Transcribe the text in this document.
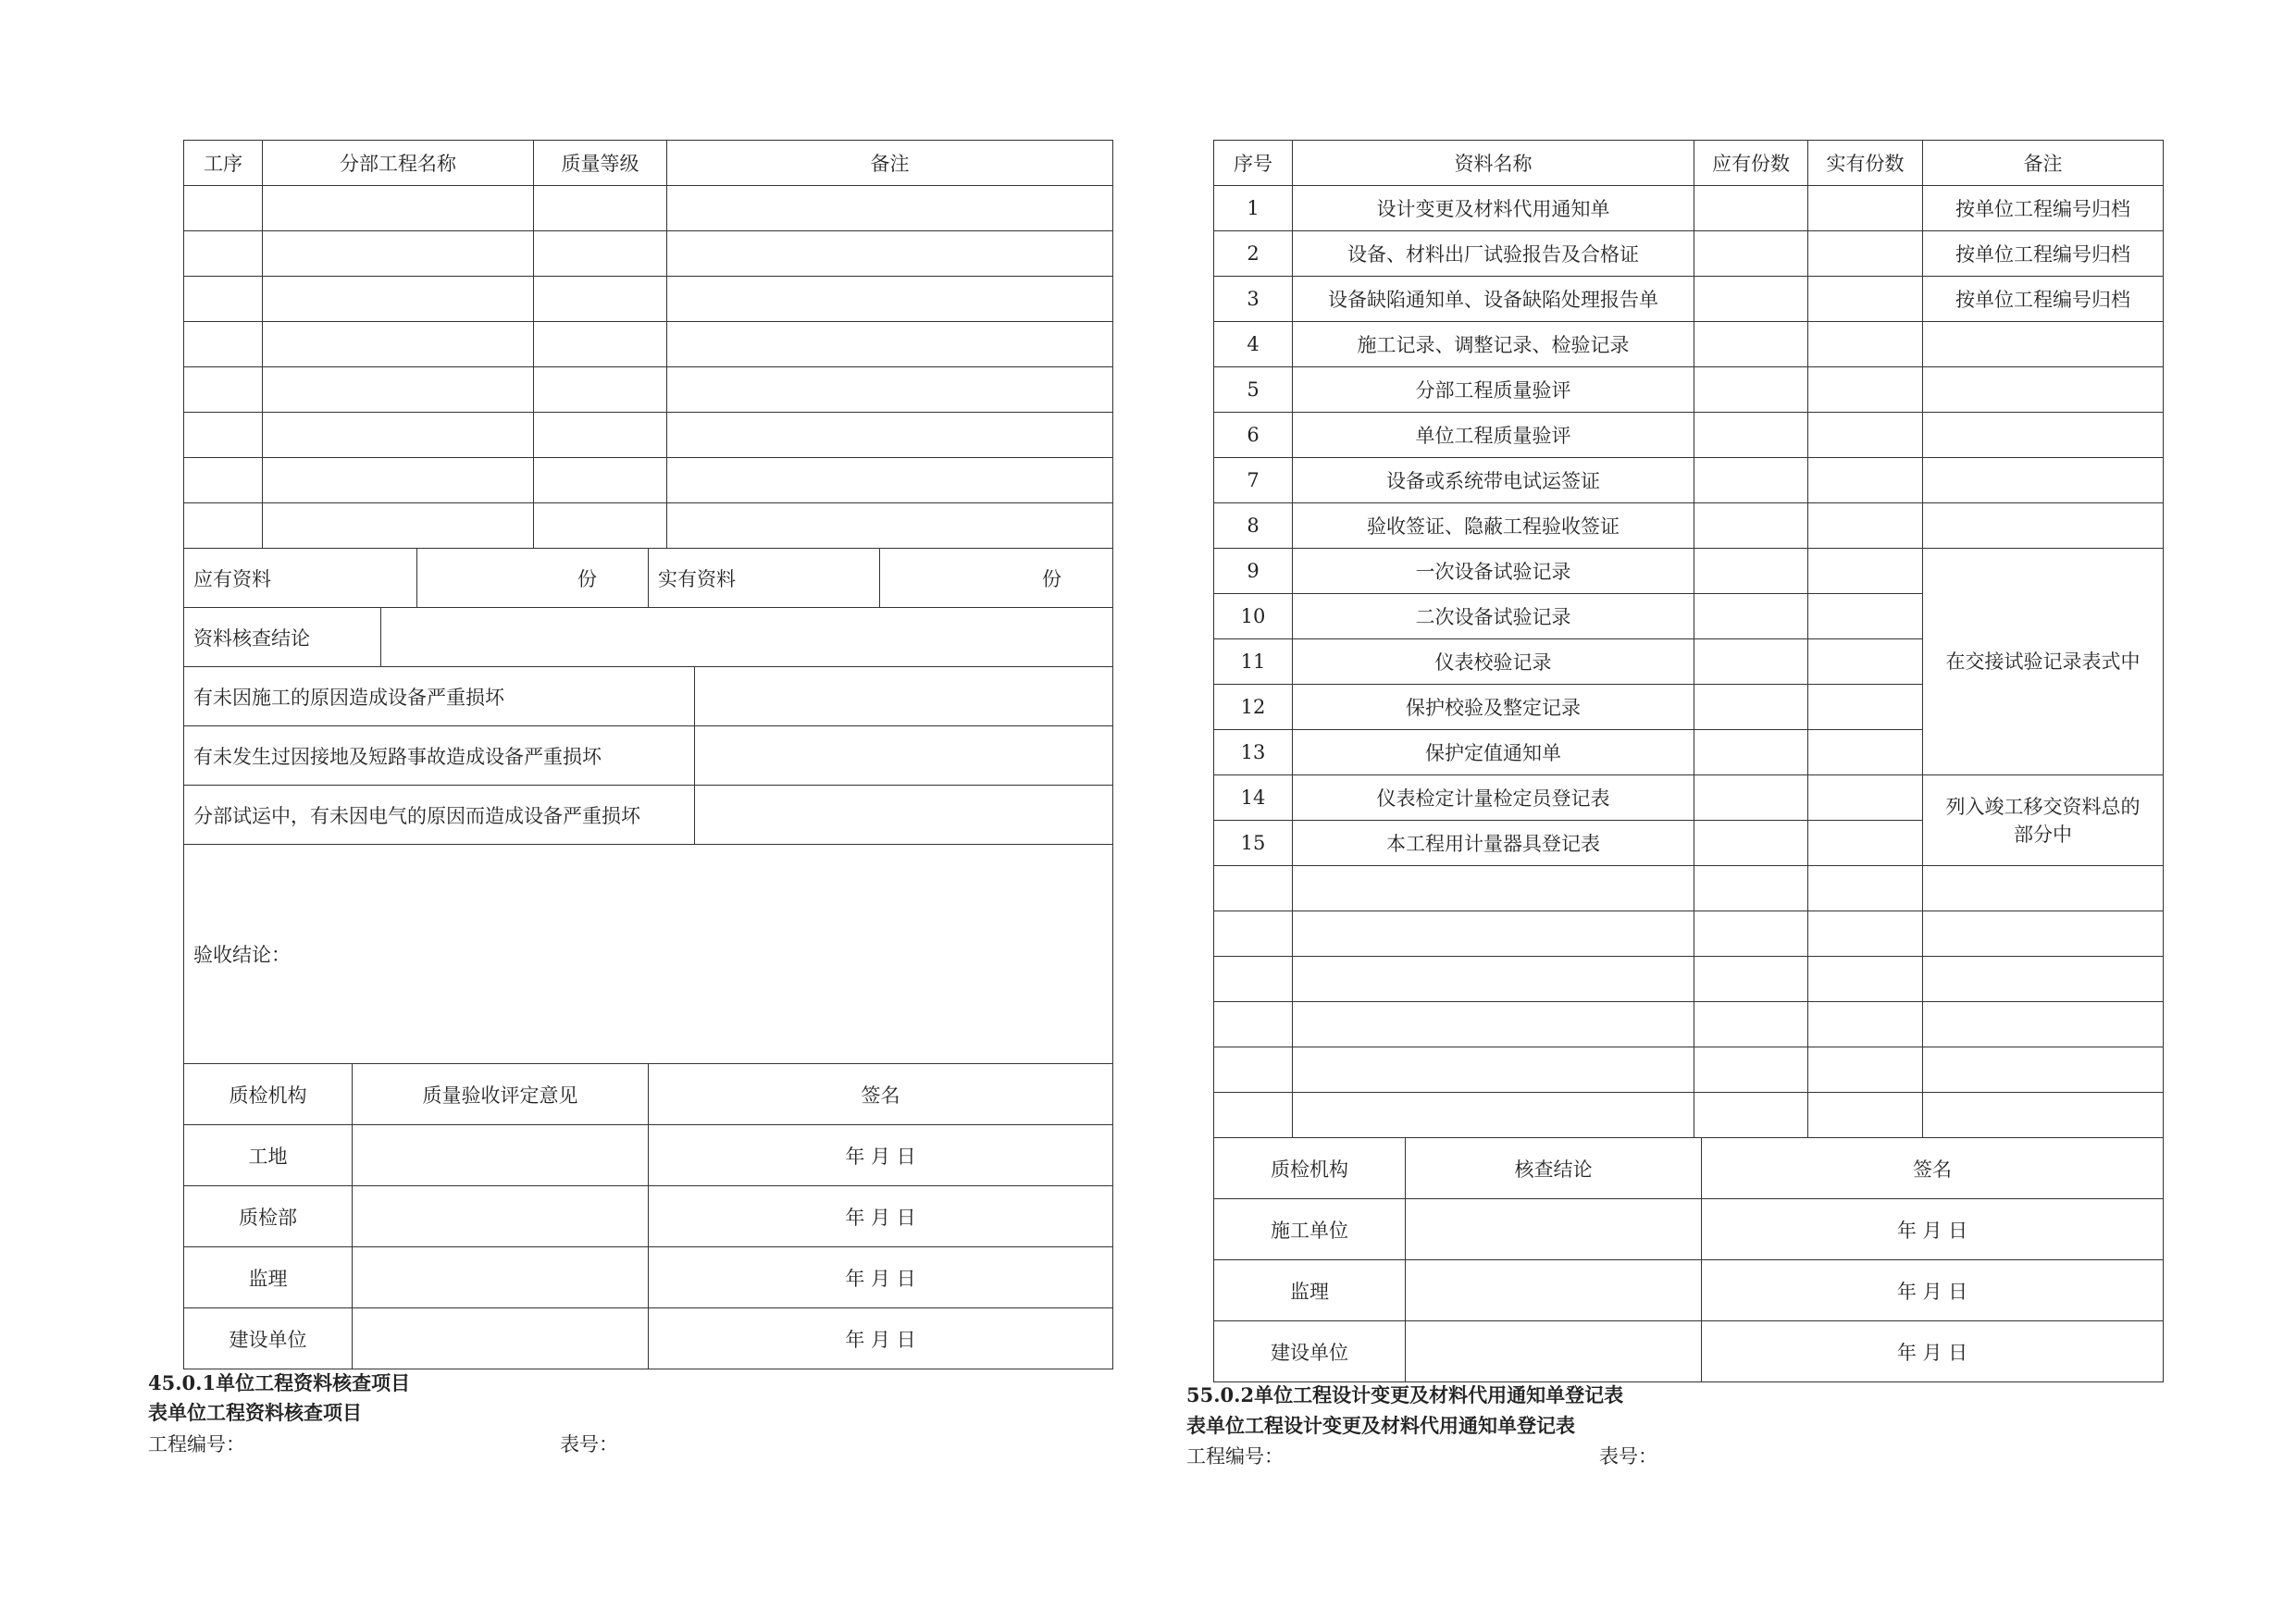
工序	分部工程名称	质量等级	备注

应有资料	份	实有资料	份
资料核查结论	
有未因施工的原因造成设备严重损坏	
有未发生过因接地及短路事故造成设备严重损坏	
分部试运中，有未因电气的原因而造成设备严重损坏	
验收结论：	
质检机构	质量验收评定意见	签名
工地		年 月 日
质检部		年 月 日
监理		年 月 日
建设单位		年 月 日
45.0.1单位工程资料核查项目
表单位工程资料核查项目
工程编号：	表号：
序号	资料名称	应有份数	实有份数	备注
1	设计变更及材料代用通知单			按单位工程编号归档
2	设备、材料出厂试验报告及合格证			按单位工程编号归档
3	设备缺陷通知单、设备缺陷处理报告单			按单位工程编号归档
4	施工记录、调整记录、检验记录			
5	分部工程质量验评			
6	单位工程质量验评			
7	设备或系统带电试运签证			
8	验收签证、隐蔽工程验收签证			
9	一次设备试验记录			在交接试验记录表式中
10	二次设备试验记录			
11	仪表校验记录			
12	保护校验及整定记录			
13	保护定值通知单			
14	仪表检定计量检定员登记表			列入竣工移交资料总的部分中
15	本工程用计量器具登记表			

质检机构	核查结论	签名
施工单位		年 月 日
监理		年 月 日
建设单位		年 月 日
55.0.2单位工程设计变更及材料代用通知单登记表
表单位工程设计变更及材料代用通知单登记表
工程编号：	表号：
